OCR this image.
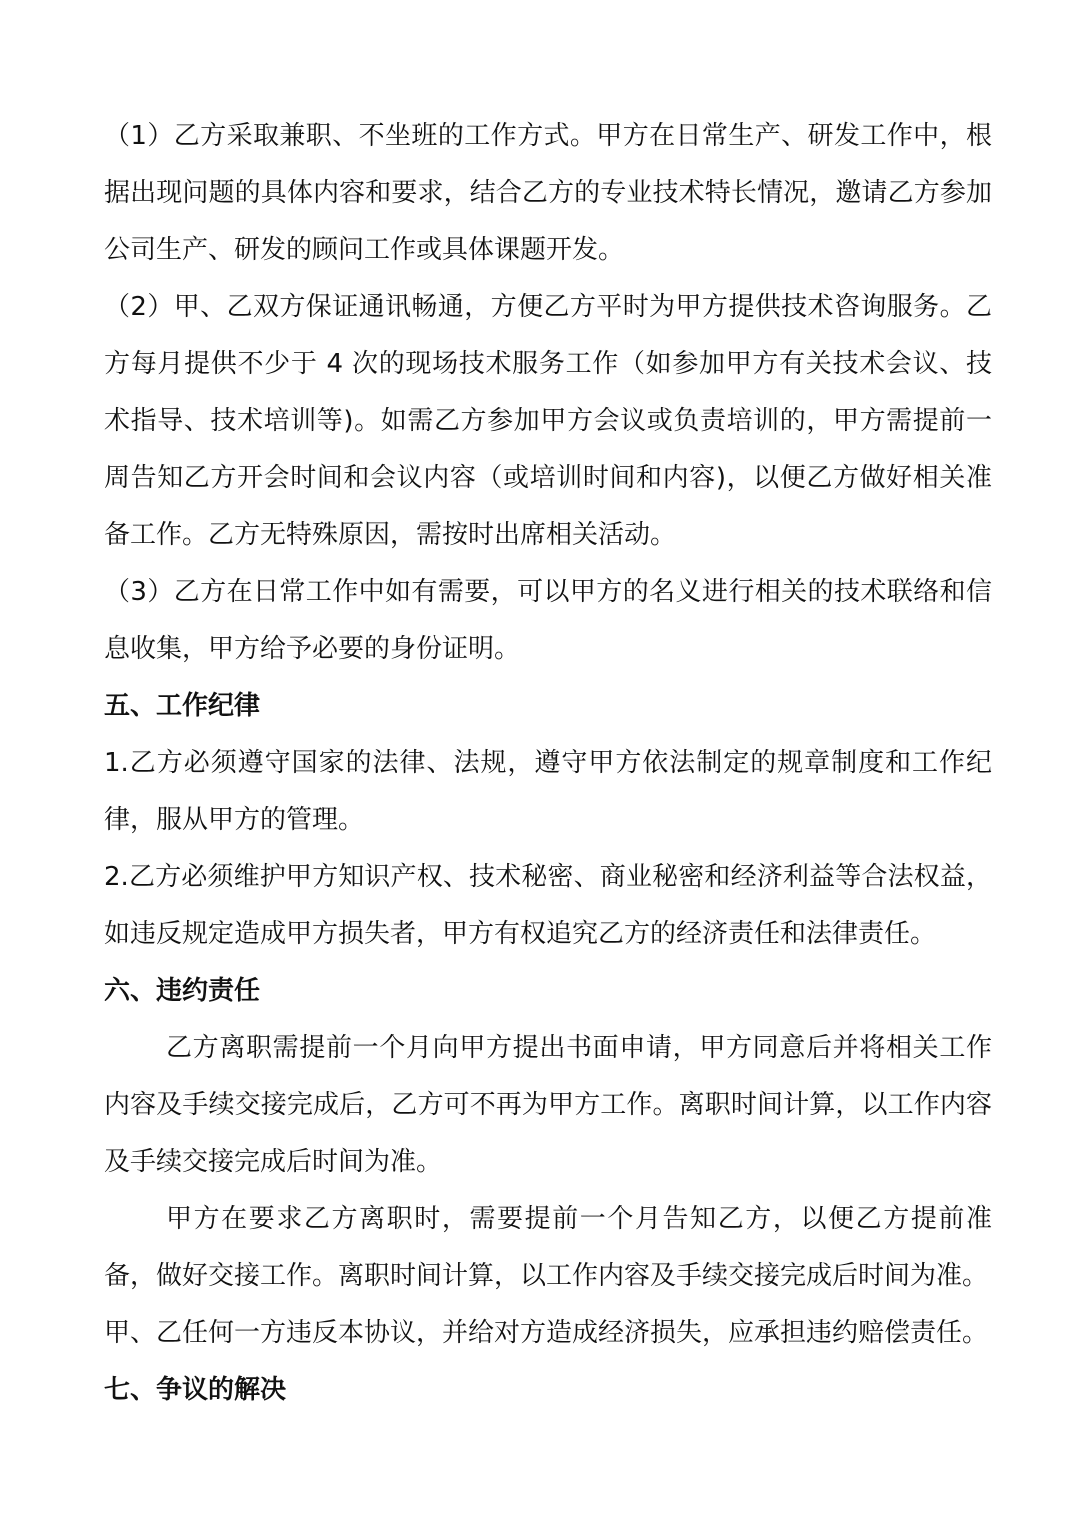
（1）乙方采取兼职、不坐班的工作方式。甲方在日常生产、研发工作中，根据出现问题的具体内容和要求，结合乙方的专业技术特长情况，邀请乙方参加公司生产、研发的顾问工作或具体课题开发。

（2）甲、乙双方保证通讯畅通，方便乙方平时为甲方提供技术咨询服务。乙方每月提供不少于 4 次的现场技术服务工作（如参加甲方有关技术会议、技术指导、技术培训等)。如需乙方参加甲方会议或负责培训的，甲方需提前一周告知乙方开会时间和会议内容（或培训时间和内容)，以便乙方做好相关准备工作。乙方无特殊原因，需按时出席相关活动。

（3）乙方在日常工作中如有需要，可以甲方的名义进行相关的技术联络和信息收集，甲方给予必要的身份证明。

五、工作纪律

1.乙方必须遵守国家的法律、法规，遵守甲方依法制定的规章制度和工作纪律，服从甲方的管理。

2.乙方必须维护甲方知识产权、技术秘密、商业秘密和经济利益等合法权益，如违反规定造成甲方损失者，甲方有权追究乙方的经济责任和法律责任。

六、违约责任

乙方离职需提前一个月向甲方提出书面申请，甲方同意后并将相关工作内容及手续交接完成后，乙方可不再为甲方工作。离职时间计算，以工作内容及手续交接完成后时间为准。

甲方在要求乙方离职时，需要提前一个月告知乙方，以便乙方提前准备，做好交接工作。离职时间计算，以工作内容及手续交接完成后时间为准。

甲、乙任何一方违反本协议，并给对方造成经济损失，应承担违约赔偿责任。

七、争议的解决
